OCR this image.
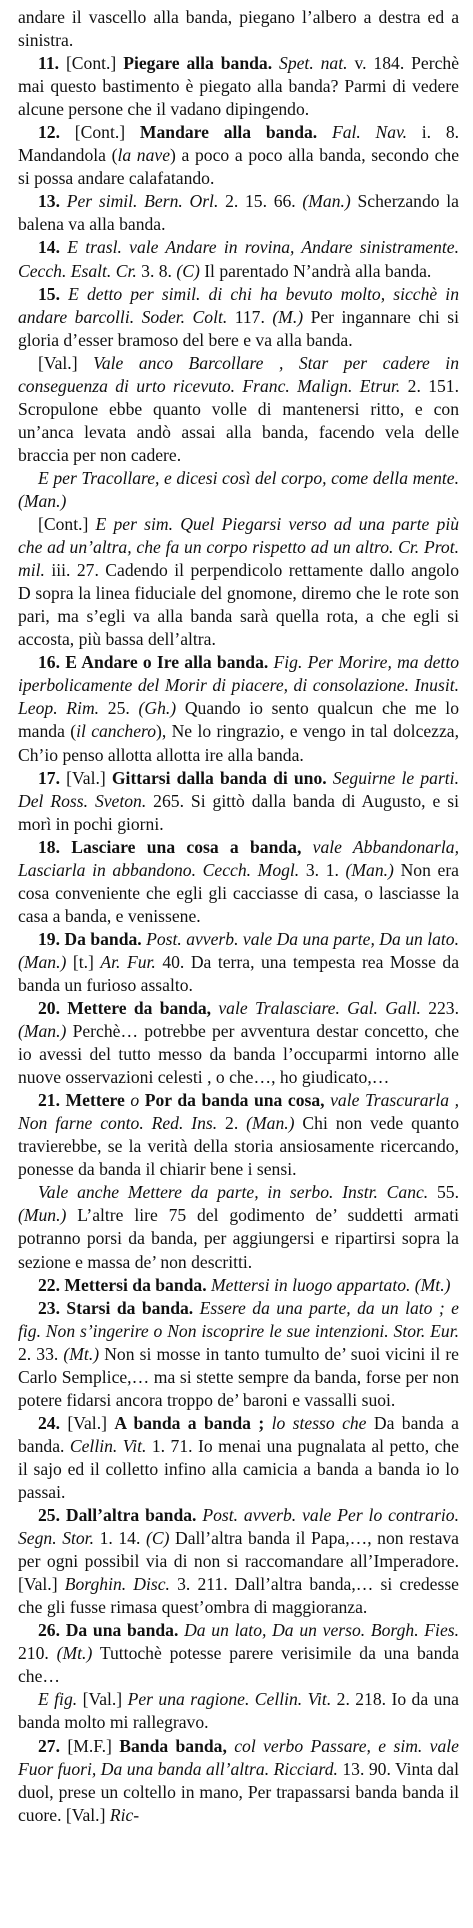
andare il vascello alla banda, piegano l’albero a destra ed a sinistra.

11. [Cont.] Piegare alla banda. Spet. nat. v. 184. Perchè mai questo bastimento è piegato alla banda? Parmi di vedere alcune persone che il vadano dipingendo.

12. [Cont.] Mandare alla banda. Fal. Nav. i. 8. Mandandola (la nave) a poco a poco alla banda, secondo che si possa andare calafatando.

13. Per simil. Bern. Orl. 2. 15. 66. (Man.) Scherzando la balena va alla banda.

14. E trasl. vale Andare in rovina, Andare sinistramente. Cecch. Esalt. Cr. 3. 8. (C) Il parentado N’andrà alla banda.

15. E detto per simil. di chi ha bevuto molto, sicchè in andare barcolli. Soder. Colt. 117. (M.) Per ingannare chi si gloria d’esser bramoso del bere e va alla banda.

[Val.] Vale anco Barcollare , Star per cadere in conseguenza di urto ricevuto. Franc. Malign. Etrur. 2. 151. Scropulone ebbe quanto volle di mantenersi ritto, e con un’anca levata andò assai alla banda, facendo vela delle braccia per non cadere.

E per Tracollare, e dicesi così del corpo, come della mente. (Man.)

[Cont.] E per sim. Quel Piegarsi verso ad una parte più che ad un’altra, che fa un corpo rispetto ad un altro. Cr. Prot. mil. iii. 27. Cadendo il perpendicolo rettamente dallo angolo D sopra la linea fiduciale del gnomone, diremo che le rote son pari, ma s’egli va alla banda sarà quella rota, a che egli si accosta, più bassa dell’altra.

16. E Andare o Ire alla banda. Fig. Per Morire, ma detto iperbolicamente del Morir di piacere, di consolazione. Inusit. Leop. Rim. 25. (Gh.) Quando io sento qualcun che me lo manda (il canchero), Ne lo ringrazio, e vengo in tal dolcezza, Ch’io penso allotta allotta ire alla banda.

17. [Val.] Gittarsi dalla banda di uno. Seguirne le parti. Del Ross. Sveton. 265. Si gittò dalla banda di Augusto, e si morì in pochi giorni.

18. Lasciare una cosa a banda, vale Abbandonarla, Lasciarla in abbandono. Cecch. Mogl. 3. 1. (Man.) Non era cosa conveniente che egli gli cacciasse di casa, o lasciasse la casa a banda, e venissene.

19. Da banda. Post. avverb. vale Da una parte, Da un lato. (Man.) [t.] Ar. Fur. 40. Da terra, una tempesta rea Mosse da banda un furioso assalto.

20. Mettere da banda, vale Tralasciare. Gal. Gall. 223. (Man.) Perchè… potrebbe per avventura destar concetto, che io avessi del tutto messo da banda l’occuparmi intorno alle nuove osservazioni celesti , o che…, ho giudicato,…

21. Mettere o Por da banda una cosa, vale Trascurarla , Non farne conto. Red. Ins. 2. (Man.) Chi non vede quanto travierebbe, se la verità della storia ansiosamente ricercando, ponesse da banda il chiarir bene i sensi.

Vale anche Mettere da parte, in serbo. Instr. Canc. 55. (Mun.) L’altre lire 75 del godimento de’ suddetti armati potranno porsi da banda, per aggiungersi e ripartirsi sopra la sezione e massa de’ non descritti.

22. Mettersi da banda. Mettersi in luogo appartato. (Mt.)

23. Starsi da banda. Essere da una parte, da un lato ; e fig. Non s’ingerire o Non iscoprire le sue intenzioni. Stor. Eur. 2. 33. (Mt.) Non si mosse in tanto tumulto de’ suoi vicini il re Carlo Semplice,… ma si stette sempre da banda, forse per non potere fidarsi ancora troppo de’ baroni e vassalli suoi.

24. [Val.] A banda a banda ; lo stesso che Da banda a banda. Cellin. Vit. 1. 71. Io menai una pugnalata al petto, che il sajo ed il colletto infino alla camicia a banda a banda io lo passai.

25. Dall’altra banda. Post. avverb. vale Per lo contrario. Segn. Stor. 1. 14. (C) Dall’altra banda il Papa,…, non restava per ogni possibil via di non si raccomandare all’Imperadore. [Val.] Borghin. Disc. 3. 211. Dall’altra banda,… si credesse che gli fusse rimasa quest’ombra di maggioranza.

26. Da una banda. Da un lato, Da un verso. Borgh. Fies. 210. (Mt.) Tuttochè potesse parere verisimile da una banda che…

E fig. [Val.] Per una ragione. Cellin. Vit. 2. 218. Io da una banda molto mi rallegravo.

27. [M.F.] Banda banda, col verbo Passare, e sim. vale Fuor fuori, Da una banda all’altra. Ricciard. 13. 90. Vinta dal duol, prese un coltello in mano, Per trapassarsi banda banda il cuore. [Val.] Ric-
